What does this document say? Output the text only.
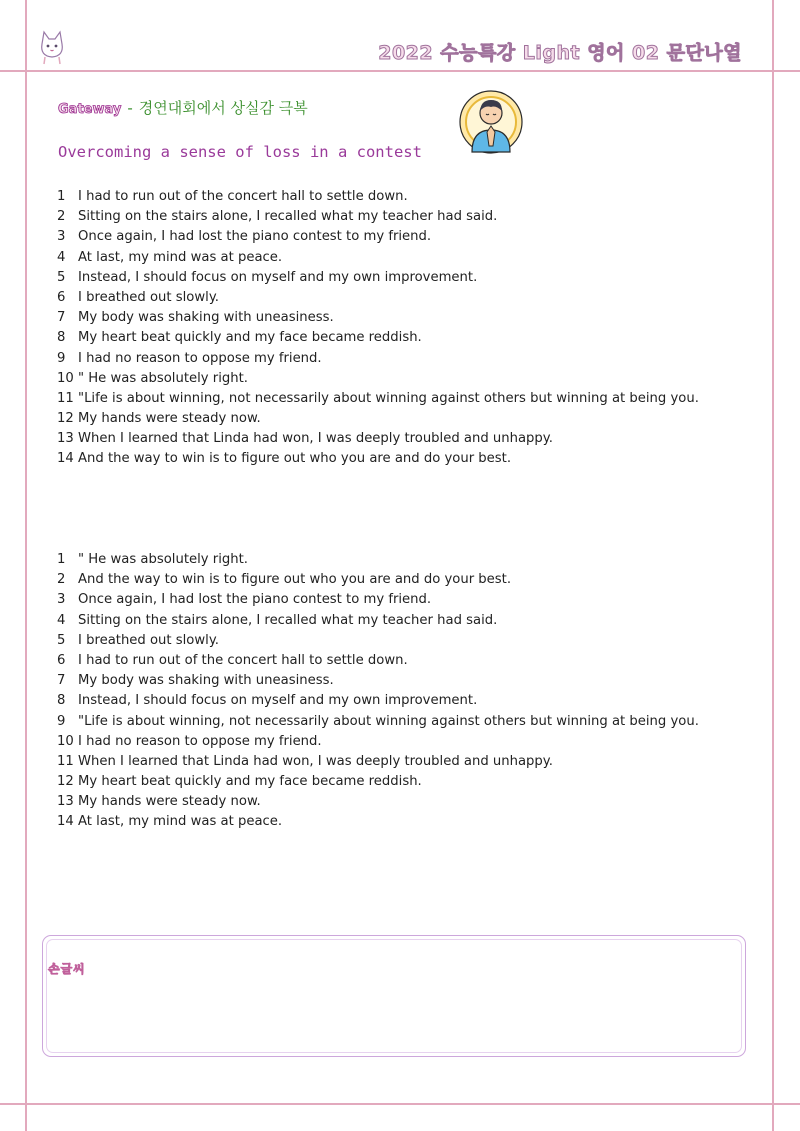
2022 수능특강 Light 영어 02 문단나열
Gateway - 경연대회에서 상실감 극복
Overcoming a sense of loss in a contest
1 I had to run out of the concert hall to settle down.
2 Sitting on the stairs alone, I recalled what my teacher had said.
3 Once again, I had lost the piano contest to my friend.
4 At last, my mind was at peace.
5 Instead, I should focus on myself and my own improvement.
6 I breathed out slowly.
7 My body was shaking with uneasiness.
8 My heart beat quickly and my face became reddish.
9 I had no reason to oppose my friend.
10 " He was absolutely right.
11 "Life is about winning, not necessarily about winning against others but winning at being you.
12 My hands were steady now.
13 When I learned that Linda had won, I was deeply troubled and unhappy.
14 And the way to win is to figure out who you are and do your best.
1 " He was absolutely right.
2 And the way to win is to figure out who you are and do your best.
3 Once again, I had lost the piano contest to my friend.
4 Sitting on the stairs alone, I recalled what my teacher had said.
5 I breathed out slowly.
6 I had to run out of the concert hall to settle down.
7 My body was shaking with uneasiness.
8 Instead, I should focus on myself and my own improvement.
9 "Life is about winning, not necessarily about winning against others but winning at being you.
10 I had no reason to oppose my friend.
11 When I learned that Linda had won, I was deeply troubled and unhappy.
12 My heart beat quickly and my face became reddish.
13 My hands were steady now.
14 At last, my mind was at peace.
손글씨
